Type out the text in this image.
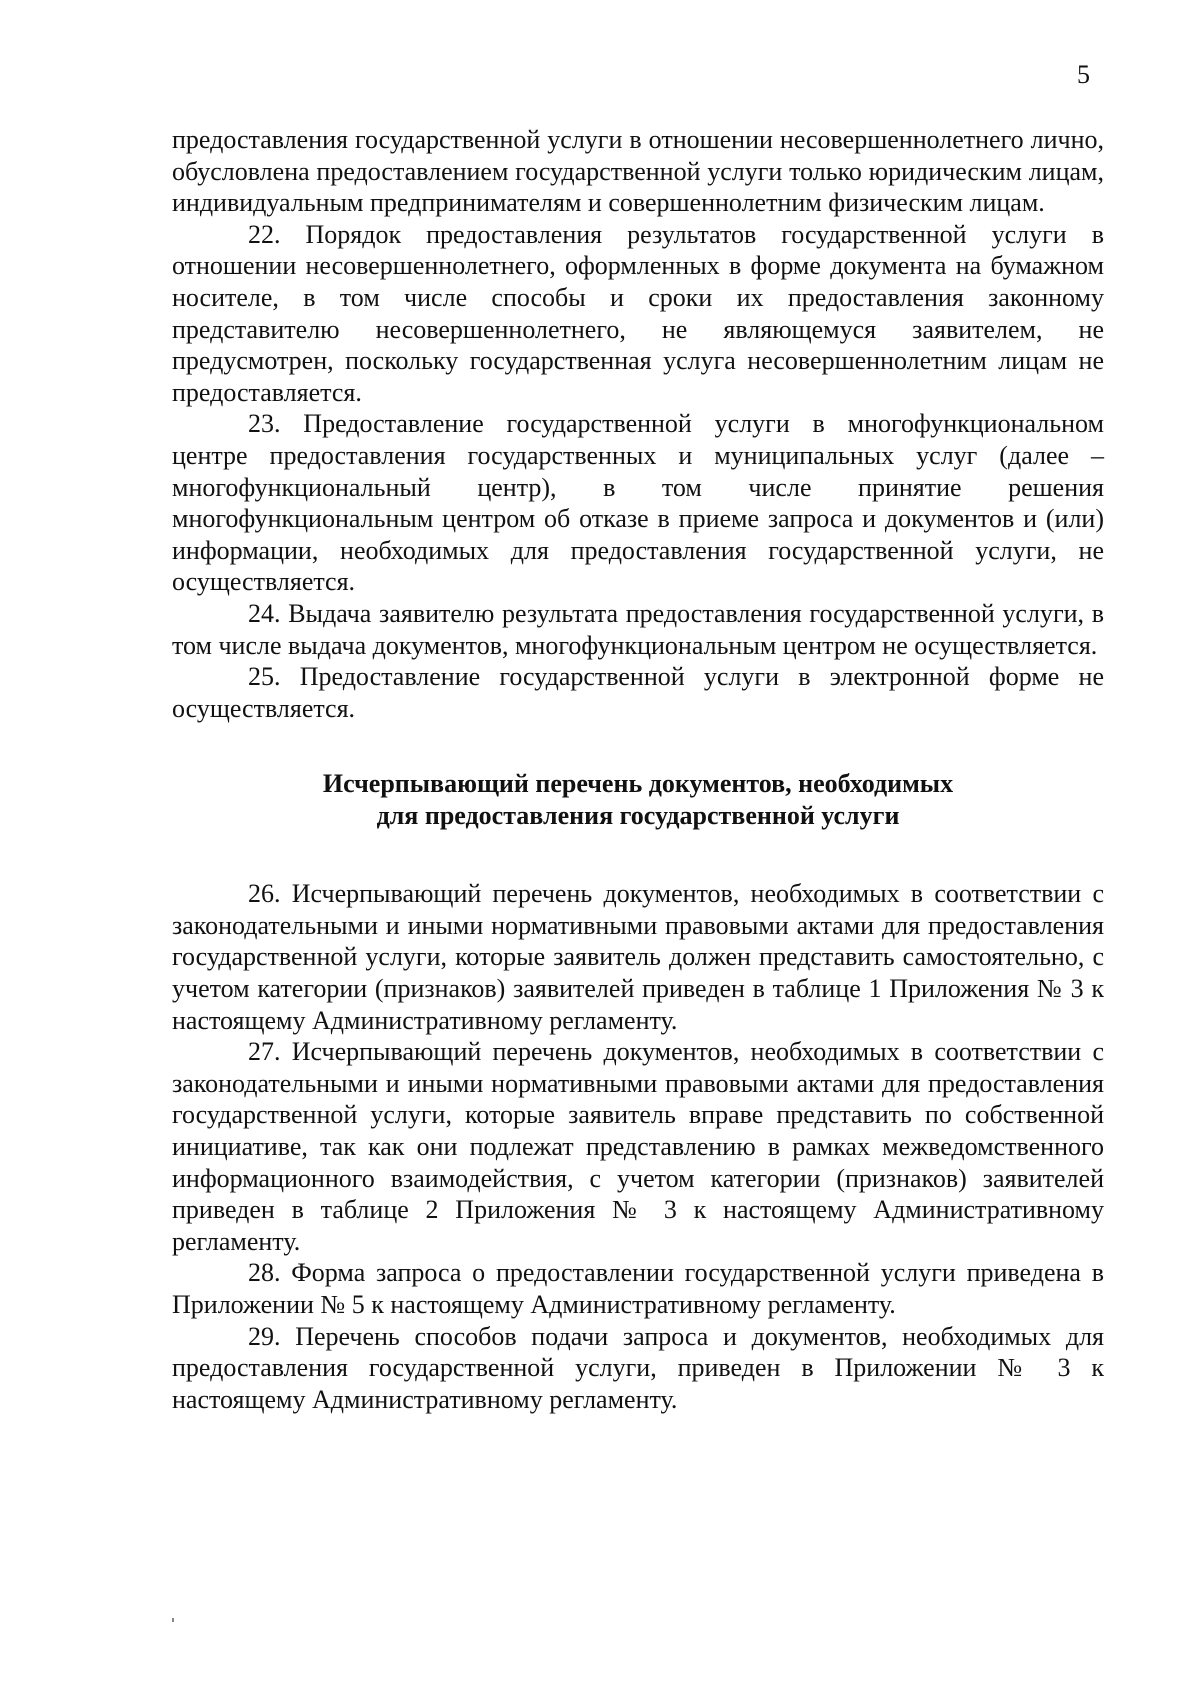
5

предоставления государственной услуги в отношении несовершеннолетнего лично, обусловлена предоставлением государственной услуги только юридическим лицам, индивидуальным предпринимателям и совершеннолетним физическим лицам.

22. Порядок предоставления результатов государственной услуги в отношении несовершеннолетнего, оформленных в форме документа на бумажном носителе, в том числе способы и сроки их предоставления законному представителю несовершеннолетнего, не являющемуся заявителем, не предусмотрен, поскольку государственная услуга несовершеннолетним лицам не предоставляется.

23. Предоставление государственной услуги в многофункциональном центре предоставления государственных и муниципальных услуг (далее – многофункциональный центр), в том числе принятие решения многофункциональным центром об отказе в приеме запроса и документов и (или) информации, необходимых для предоставления государственной услуги, не осуществляется.

24. Выдача заявителю результата предоставления государственной услуги, в том числе выдача документов, многофункциональным центром не осуществляется.

25. Предоставление государственной услуги в электронной форме не осуществляется.

Исчерпывающий перечень документов, необходимых
для предоставления государственной услуги

26. Исчерпывающий перечень документов, необходимых в соответствии с законодательными и иными нормативными правовыми актами для предоставления государственной услуги, которые заявитель должен представить самостоятельно, с учетом категории (признаков) заявителей приведен в таблице 1 Приложения № 3 к настоящему Административному регламенту.

27. Исчерпывающий перечень документов, необходимых в соответствии с законодательными и иными нормативными правовыми актами для предоставления государственной услуги, которые заявитель вправе представить по собственной инициативе, так как они подлежат представлению в рамках межведомственного информационного взаимодействия, с учетом категории (признаков) заявителей приведен в таблице 2 Приложения № 3 к настоящему Административному регламенту.

28. Форма запроса о предоставлении государственной услуги приведена в Приложении № 5 к настоящему Административному регламенту.

29. Перечень способов подачи запроса и документов, необходимых для предоставления государственной услуги, приведен в Приложении № 3 к настоящему Административному регламенту.
